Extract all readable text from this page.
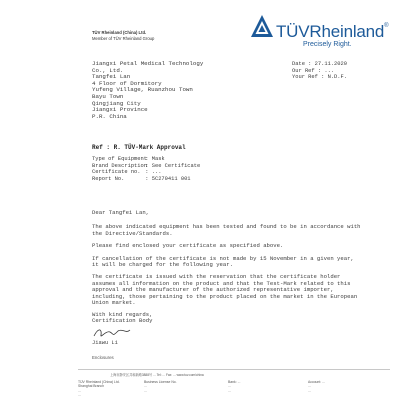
TÜV Rheinland (China) Ltd.
Member of TÜV Rheinland Group	TÜVRheinland®
Precisely Right.
Jiangxi Petal Medical Technology
Co., Ltd.
Tangfei Lan
4 Floor of Dormitory
Yufeng Village, Ruanzhou Town
Bayu Town
Qingjiang City
Jiangxi Province
P.R. China
Date : 27.11.2020
Our Ref : ...
Your Ref : N.D.F.
Ref : R. TÜV-Mark Approval
Type of Equipment : Mask
Brand Description : See Certificate
Certificate no. : ...
Report No.	: 5C270411 001

Dear Tangfei Lan,

The above indicated equipment has been tested and found to be in accordance with the Directive/Standards.

Please find enclosed your certificate as specified above.

If cancellation of the certificate is not made by 15 November in a given year, it will be charged for the following year.

The certificate is issued with the reservation that the certificate holder assumes all information on the product and that the Test-Mark related to this approval and the manufacturer of the authorized representative importer, including, those pertaining to the product placed on the market in the European Union market.

With kind regards,
Certification Body
Jiawu Li
Enclosures
上海市静安区共和新路3888号 ... Tel: ... Fax: ... www.tuv.com/china
TÜV Rheinland (China) Ltd.
Shanghai Branch
...
...
Business License No.
...
...
Bank: ...
...
...
Account: ...
...
...
